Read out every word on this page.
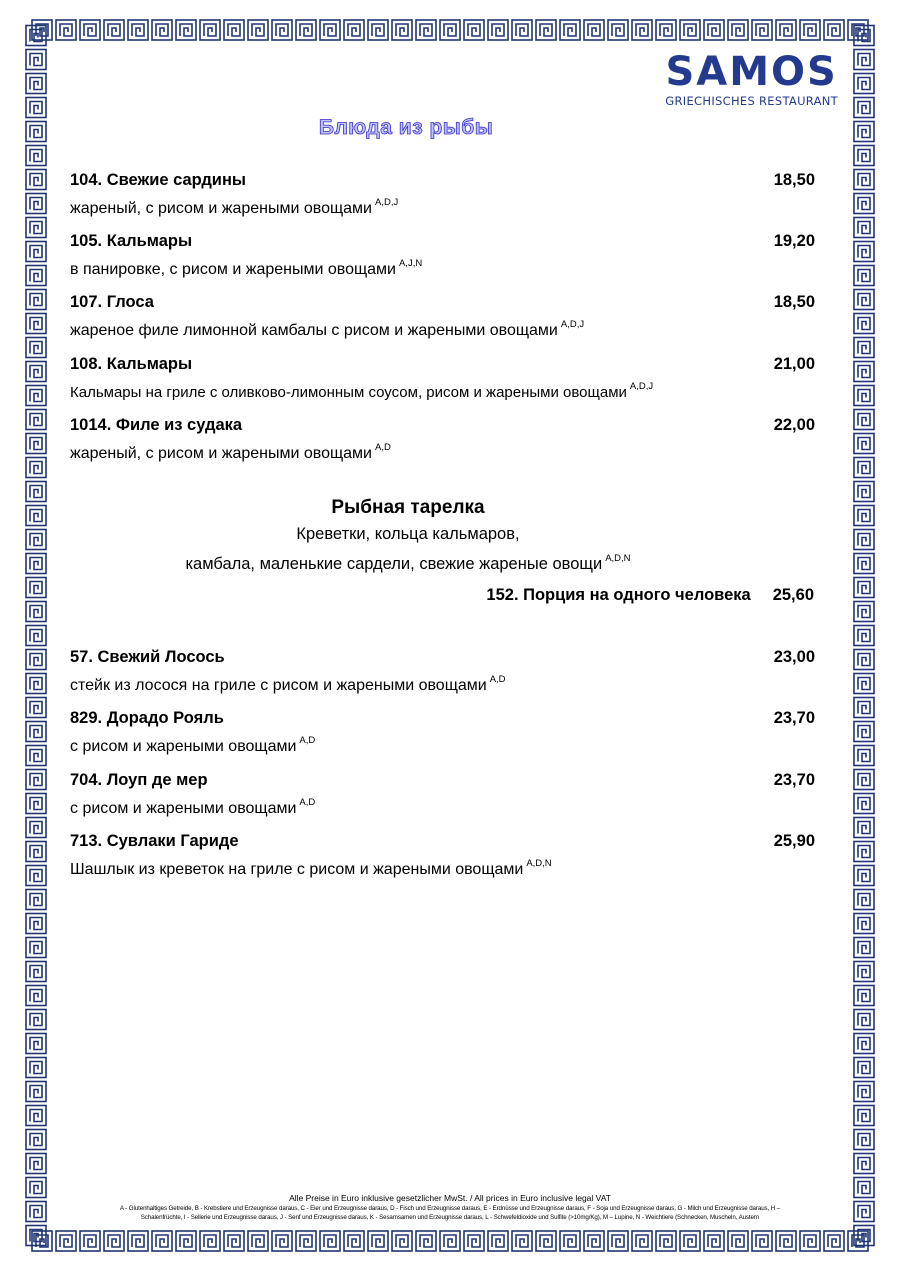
SAMOS
GRIECHISCHES RESTAURANT
Блюда из рыбы
104. Свежие сардины	18,50
жареный, с рисом и жареными овощами $^{A,D,J}$
105. Кальмары	19,20
в панировке, с рисом и жареными овощами $^{A,J,N}$
107. Глоса	18,50
жареное филе лимонной камбалы с рисом и жареными овощами $^{A,D,J}$
108. Кальмары	21,00
Кальмары на гриле с оливково-лимонным соусом, рисом и жареными овощами $^{A,D,J}$
1014. Филе из судака	22,00
жареный, с рисом и жареными овощами $^{A,D}$
Рыбная тарелка
Креветки, кольца кальмаров,
камбала, маленькие сардели, свежие жареные овощи $^{A,D,N}$
152. Порция на одного человека 25,60
57. Свежий Лосось	23,00
стейк из лосося на гриле с рисом и жареными овощами $^{A,D}$
829. Дорадо Рояль	23,70
с рисом и жареными овощами $^{A,D}$
704. Лоуп де мер	23,70
с рисом и жареными овощами $^{A,D}$
713. Сувлаки Гариде	25,90
Шашлык из креветок на гриле с рисом и жареными овощами $^{A,D,N}$
Alle Preise in Euro inklusive gesetzlicher MwSt. / All prices in Euro inclusive legal VAT
A - Glutenhaltiges Getreide, B - Krebstiere und Erzeugnisse daraus, C - Eier und Erzeugnisse daraus, D - Fisch und Erzeugnisse daraus, E - Erdnüsse und Erzeugnisse daraus, F - Soja und Erzeugnisse daraus, G - Milch und Erzeugnisse daraus, H –
Schalenfrüchte, I - Sellerie und Erzeugnisse daraus, J - Senf und Erzeugnisse daraus, K - Sesamsamen und Erzeugnisse daraus, L - Schwefeldioxide und Sulfite (>10mg/Kg), M – Lupine, N - Weichtiere (Schnecken, Muscheln, Austern
